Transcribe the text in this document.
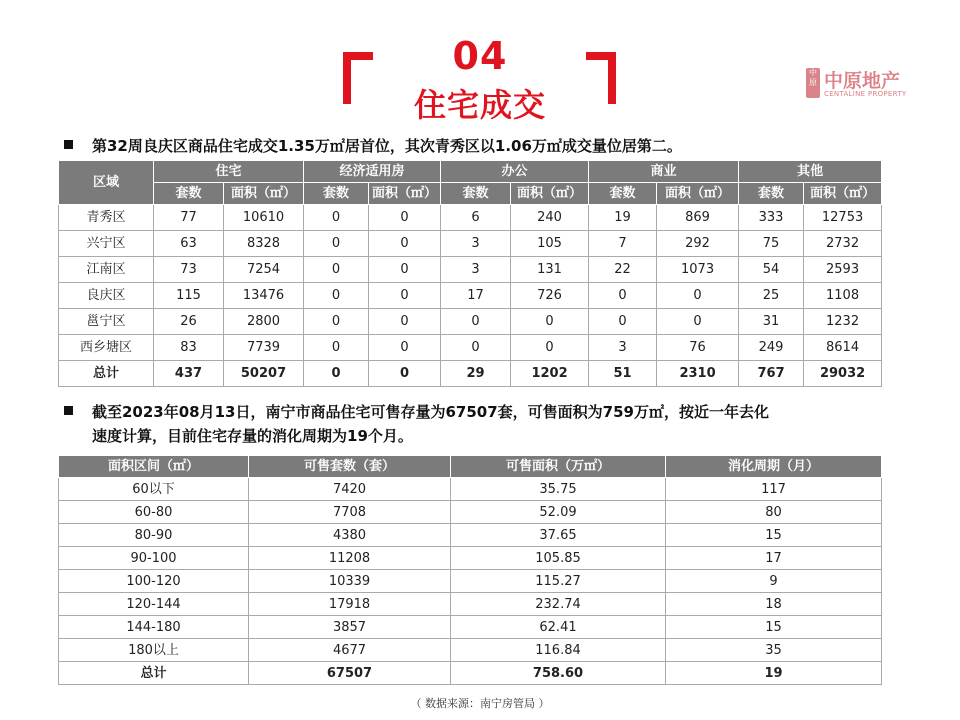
04
住宅成交
中原 中原地产
CENTALINE PROPERTY
第32周良庆区商品住宅成交1.35万㎡居首位，其次青秀区以1.06万㎡成交量位居第二。
区域	住宅		经济适用房		办公		商业		其他	
	套数	面积（㎡）	套数	面积（㎡）	套数	面积（㎡）	套数	面积（㎡）	套数	面积（㎡）
青秀区	77	10610	0	0	6	240	19	869	333	12753
兴宁区	63	8328	0	0	3	105	7	292	75	2732
江南区	73	7254	0	0	3	131	22	1073	54	2593
良庆区	115	13476	0	0	17	726	0	0	25	1108
邕宁区	26	2800	0	0	0	0	0	0	31	1232
西乡塘区	83	7739	0	0	0	0	3	76	249	8614
总计	437	50207	0	0	29	1202	51	2310	767	29032
截至2023年08月13日，南宁市商品住宅可售存量为67507套，可售面积为759万㎡，按近一年去化
速度计算，目前住宅存量的消化周期为19个月。
面积区间（㎡）	可售套数（套）	可售面积（万㎡）	消化周期（月）
60以下	7420	35.75	117
60-80	7708	52.09	80
80-90	4380	37.65	15
90-100	11208	105.85	17
100-120	10339	115.27	9
120-144	17918	232.74	18
144-180	3857	62.41	15
180以上	4677	116.84	35
总计	67507	758.60	19
（ 数据来源：南宁房管局 ）
